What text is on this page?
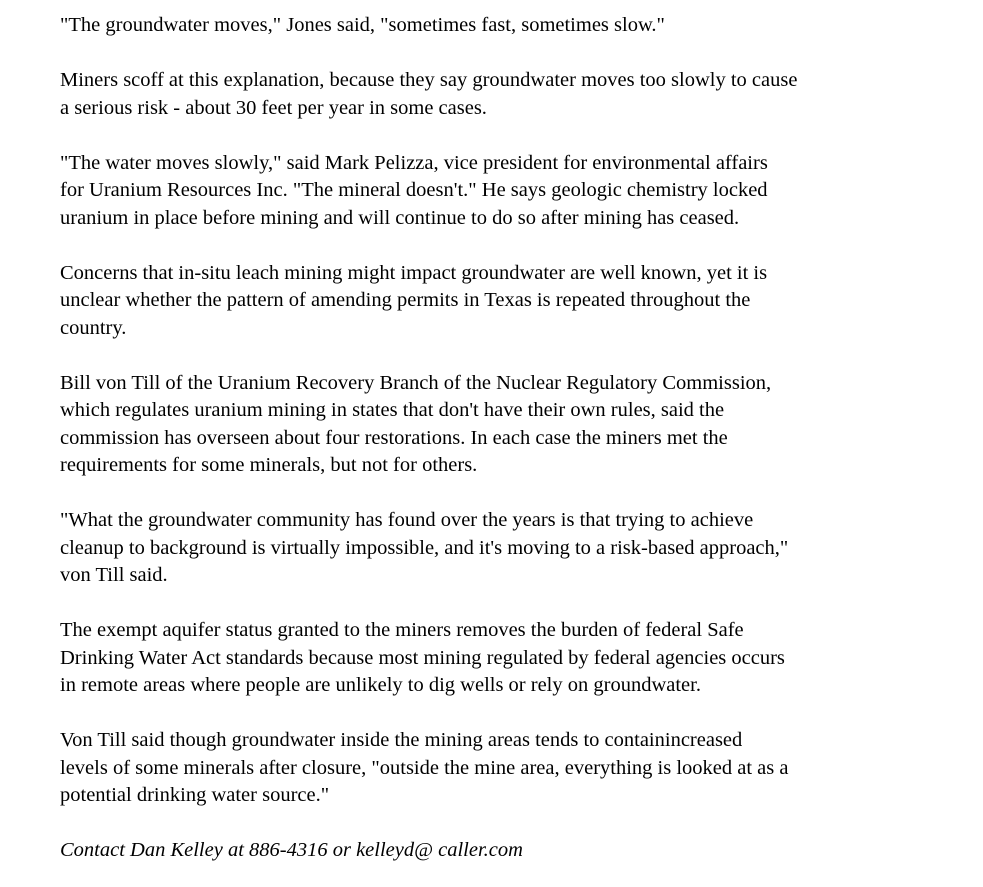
"The groundwater moves," Jones said, "sometimes fast, sometimes slow."

Miners scoff at this explanation, because they say groundwater moves too slowly to cause
a serious risk - about 30 feet per year in some cases.

"The water moves slowly," said Mark Pelizza, vice president for environmental affairs
for Uranium Resources Inc. "The mineral doesn't." He says geologic chemistry locked
uranium in place before mining and will continue to do so after mining has ceased.

Concerns that in-situ leach mining might impact groundwater are well known, yet it is
unclear whether the pattern of amending permits in Texas is repeated throughout the
country.

Bill von Till of the Uranium Recovery Branch of the Nuclear Regulatory Commission,
which regulates uranium mining in states that don't have their own rules, said the
commission has overseen about four restorations. In each case the miners met the
requirements for some minerals, but not for others.

"What the groundwater community has found over the years is that trying to achieve
cleanup to background is virtually impossible, and it's moving to a risk-based approach,"
von Till said.

The exempt aquifer status granted to the miners removes the burden of federal Safe
Drinking Water Act standards because most mining regulated by federal agencies occurs
in remote areas where people are unlikely to dig wells or rely on groundwater.

Von Till said though groundwater inside the mining areas tends to containincreased
levels of some minerals after closure, "outside the mine area, everything is looked at as a
potential drinking water source."

Contact Dan Kelley at 886-4316 or kelleyd@ caller.com
